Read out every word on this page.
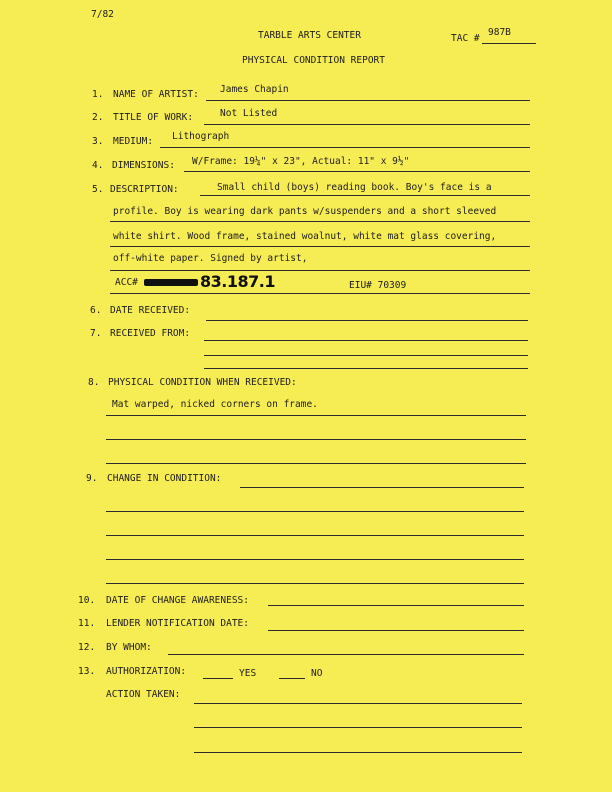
7/82
TARBLE ARTS CENTER	TAC #
987B
PHYSICAL CONDITION REPORT
1. NAME OF ARTIST: James Chapin
2. TITLE OF WORK:	Not Listed
3. MEDIUM: Lithograph
4. DIMENSIONS: W/Frame: 19¼" x 23", Actual: 11" x 9½"
5. DESCRIPTION:	Small child (boys) reading book. Boy's face is a
profile. Boy is wearing dark pants w/suspenders and a short sleeved
white shirt. Wood frame, stained woalnut, white mat glass covering,
off-white paper. Signed by artist,
ACC#	83.187.1	EIU# 70309
6. DATE RECEIVED:
7. RECEIVED FROM:
8. PHYSICAL CONDITION WHEN RECEIVED:
Mat warped, nicked corners on frame.
9. CHANGE IN CONDITION:
10. DATE OF CHANGE AWARENESS:
11. LENDER NOTIFICATION DATE:
12. BY WHOM:
13. AUTHORIZATION:	YES	NO
ACTION TAKEN:
